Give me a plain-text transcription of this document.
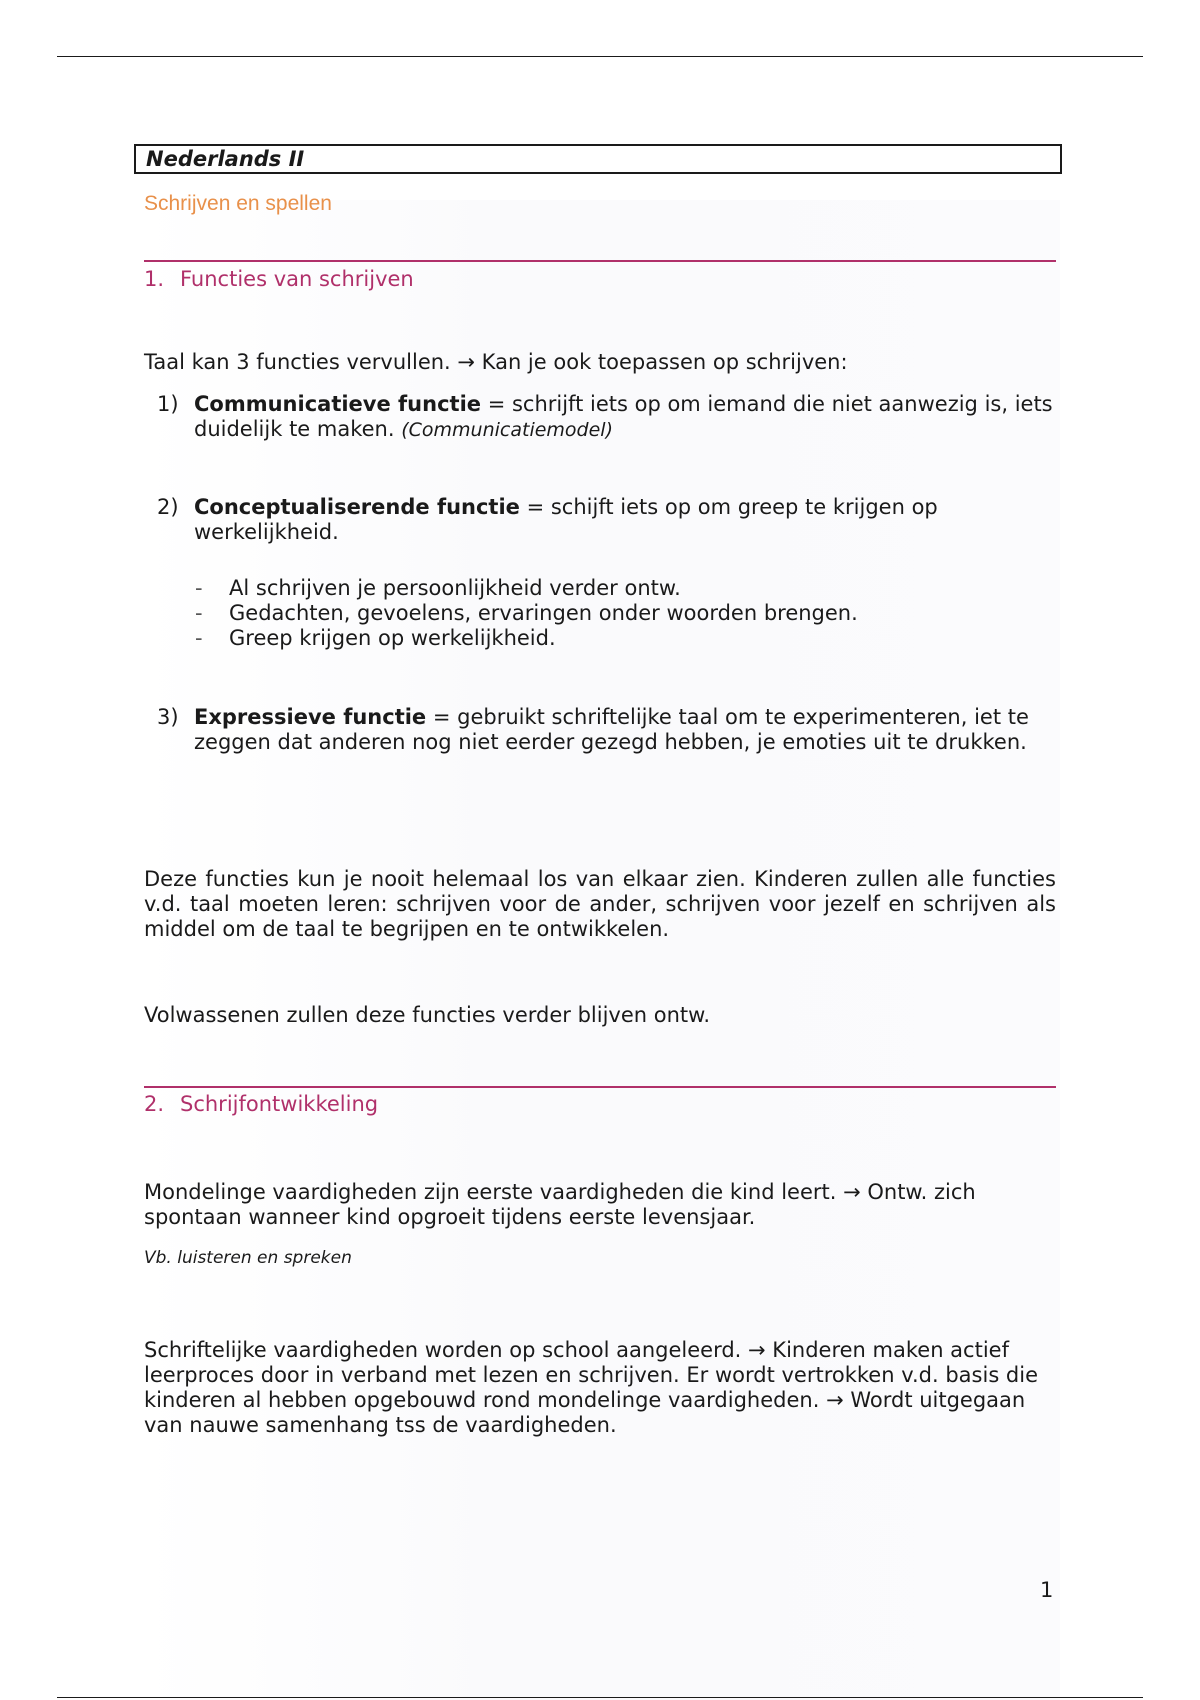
Nederlands II
Schrijven en spellen
1. Functies van schrijven
Taal kan 3 functies vervullen. → Kan je ook toepassen op schrijven:
1) Communicatieve functie = schrijft iets op om iemand die niet aanwezig is, iets duidelijk te maken. (Communicatiemodel)
2) Conceptualiserende functie = schijft iets op om greep te krijgen op werkelijkheid.
- Al schrijven je persoonlijkheid verder ontw.
- Gedachten, gevoelens, ervaringen onder woorden brengen.
- Greep krijgen op werkelijkheid.
3) Expressieve functie = gebruikt schriftelijke taal om te experimenteren, iet te zeggen dat anderen nog niet eerder gezegd hebben, je emoties uit te drukken.
Deze functies kun je nooit helemaal los van elkaar zien. Kinderen zullen alle functies v.d. taal moeten leren: schrijven voor de ander, schrijven voor jezelf en schrijven als middel om de taal te begrijpen en te ontwikkelen.
Volwassenen zullen deze functies verder blijven ontw.
2. Schrijfontwikkeling
Mondelinge vaardigheden zijn eerste vaardigheden die kind leert. → Ontw. zich spontaan wanneer kind opgroeit tijdens eerste levensjaar.
Vb. luisteren en spreken
Schriftelijke vaardigheden worden op school aangeleerd. → Kinderen maken actief leerproces door in verband met lezen en schrijven. Er wordt vertrokken v.d. basis die kinderen al hebben opgebouwd rond mondelinge vaardigheden. → Wordt uitgegaan van nauwe samenhang tss de vaardigheden.
1
